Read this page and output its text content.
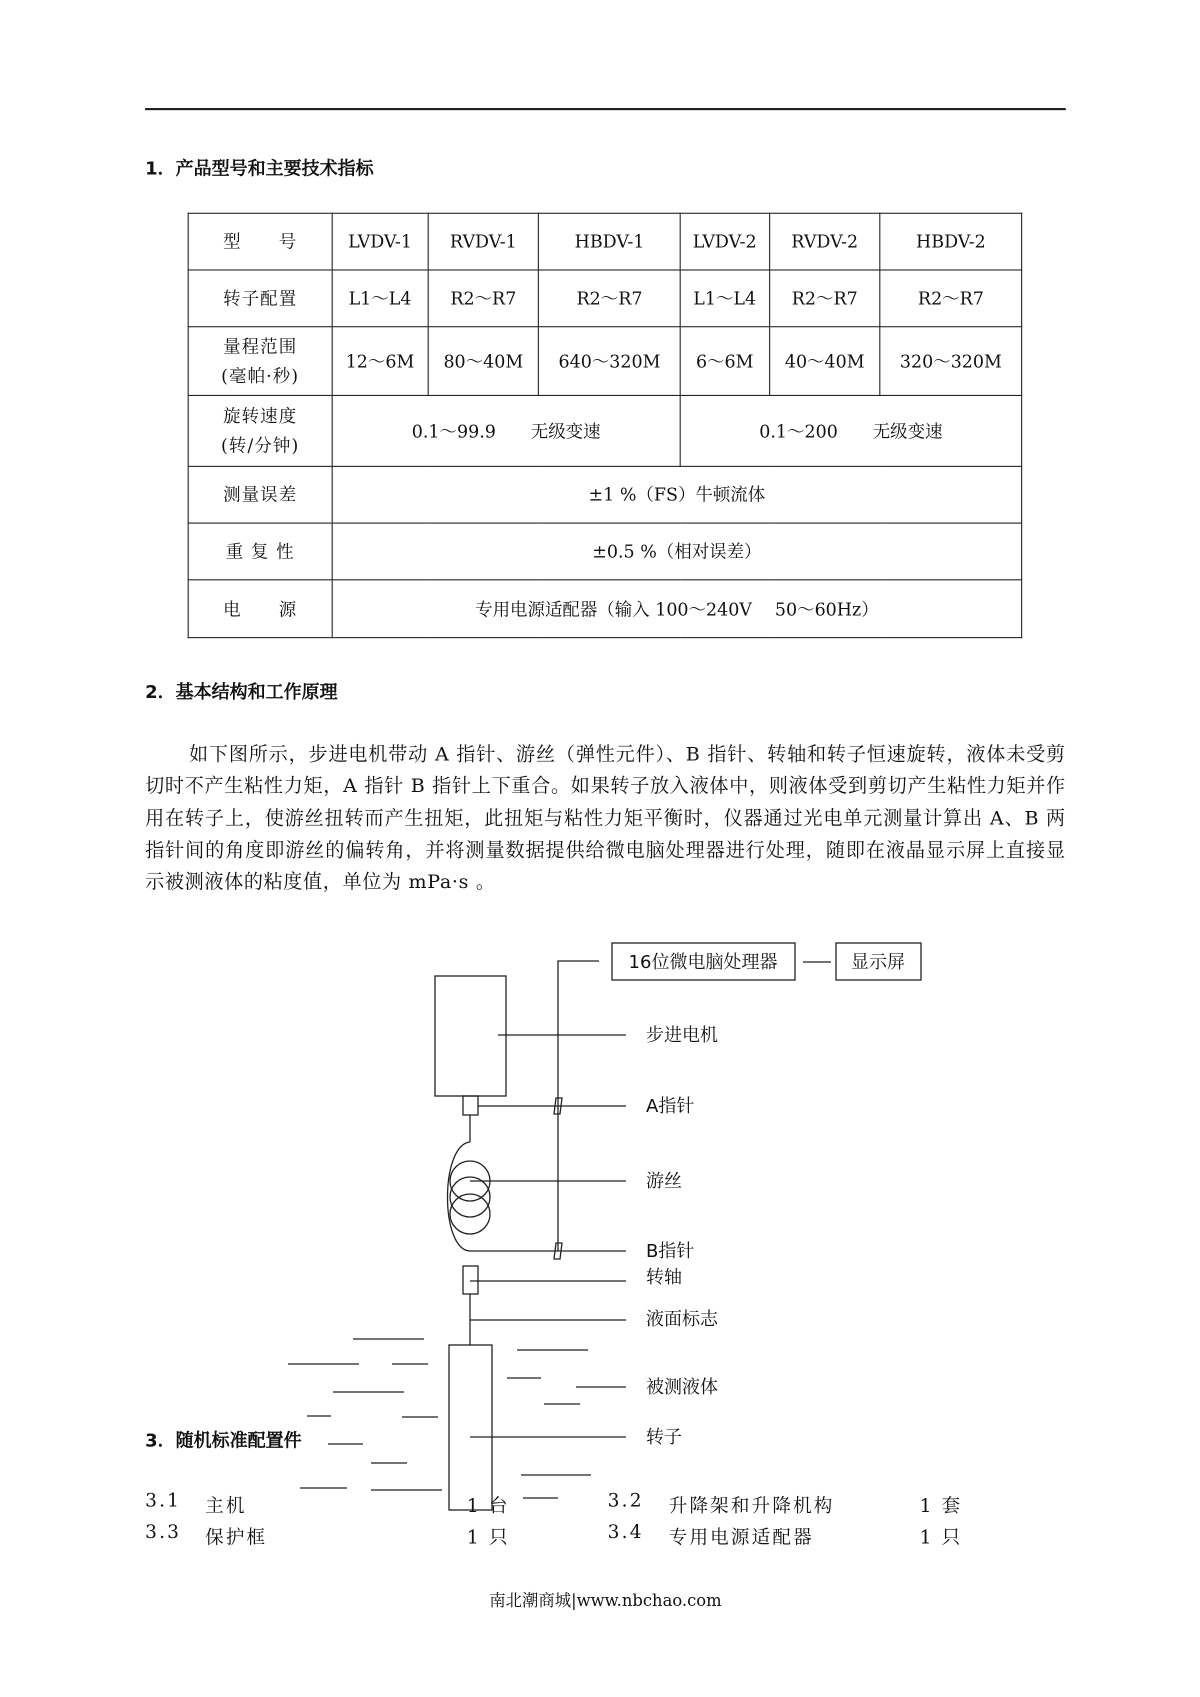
1．产品型号和主要技术指标
型　　号	LVDV-1	RVDV-1	HBDV-1	LVDV-2	RVDV-2	HBDV-2
转子配置	L1～L4	R2～R7	R2～R7	L1～L4	R2～R7	R2～R7

量程范围
(毫帕·秒)	12～6M	80～40M	640～320M	6～6M	40～40M	320～320M

旋转速度
(转/分钟)	0.1～99.9　　无级变速			0.1～200　　无级变速		
测量误差	±1 %（FS）牛顿流体					
重 复 性	±0.5 %（相对误差）					
电　　源	专用电源适配器（输入 100～240V　 50～60Hz）					
2．基本结构和工作原理
如下图所示，步进电机带动 A 指针、游丝（弹性元件）、B 指针、转轴和转子恒速旋转，液体未受剪切时不产生粘性力矩，A 指针 B 指针上下重合。如果转子放入液体中，则液体受到剪切产生粘性力矩并作用在转子上，使游丝扭转而产生扭矩，此扭矩与粘性力矩平衡时，仪器通过光电单元测量计算出 A、B 两指针间的角度即游丝的偏转角，并将测量数据提供给微电脑处理器进行处理，随即在液晶显示屏上直接显示被测液体的粘度值，单位为 mPa·s 。
3．随机标准配置件
3.1 主机	1 台	3.2 升降架和升降机构	1 套
3.3 保护框	1 只	3.4 专用电源适配器	1 只
南北潮商城|www.nbchao.com
16位微电脑处理器	显示屏
步进电机
A指针
游丝
B指针
转轴
液面标志
被测液体
转子
